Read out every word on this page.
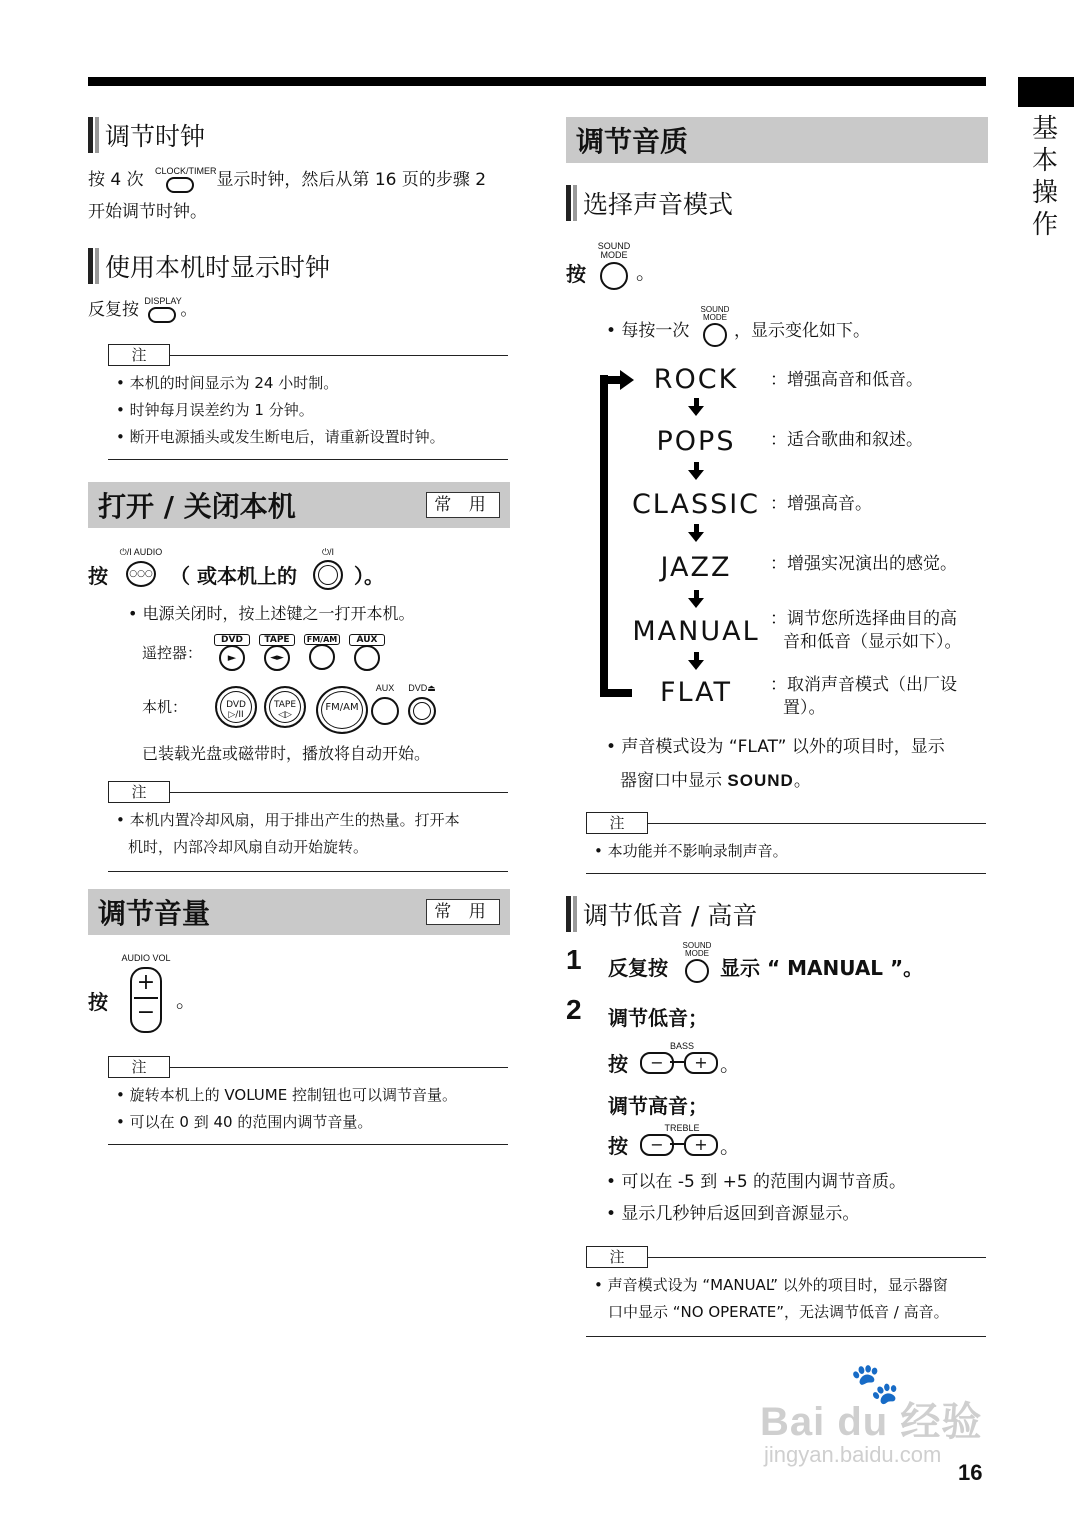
基
本
操
作
调节时钟
按 4 次 CLOCK/TIMER 显示时钟，然后从第 16 页的步骤 2
开始调节时钟。
使用本机时显示时钟
反复按 DISPLAY
。
注
• 本机的时间显示为 24 小时制。
• 时钟每月误差约为 1 分钟。
• 断开电源插头或发生断电后，请重新设置时钟。
打开 / 关闭本机	常 用
按
⏻/I AUDIO
○○○ （ 或本机上的
⏻/I
）。
• 电源关闭时，按上述键之一打开本机。
遥控器：
DVD
►
TAPE
◄►
FM/AM	AUX
本机：	DVD
▷/II
TAPE
◁▷
FM/AM
AUX	DVD⏏
已装载光盘或磁带时，播放将自动开始。
注
• 本机内置冷却风扇，用于排出产生的热量。打开本
机时，内部冷却风扇自动开始旋转。
调节音量	常 用
按
AUDIO VOL
+
− 。
注
• 旋转本机上的 VOLUME 控制钮也可以调节音量。
• 可以在 0 到 40 的范围内调节音量。
调节音质
选择声音模式
按
SOUND MODE
。
• 每按一次
SOUND MODE
，显示变化如下。
ROCK	：增强高音和低音。
POPS	：适合歌曲和叙述。
CLASSIC ：增强高音。
JAZZ	：增强实况演出的感觉。
MANUAL ：调节您所选择曲目的高
音和低音（显示如下）。
FLAT	：取消声音模式（出厂设
置）。
• 声音模式设为 “FLAT” 以外的项目时，显示
器窗口中显示 SOUND。
注
• 本功能并不影响录制声音。
调节低音 / 高音
1 反复按
SOUND MODE
显示 “ MANUAL ”。
2 调节低音；
按
BASS
−	+ 。
调节高音；
按
TREBLE
−	+ 。
• 可以在 -5 到 +5 的范围内调节音质。
• 显示几秒钟后返回到音源显示。
注
• 声音模式设为 “MANUAL” 以外的项目时，显示器窗
口中显示 “NO OPERATE”，无法调节低音 / 高音。
🐾
Bai du 经验
jingyan.baidu.com
16
